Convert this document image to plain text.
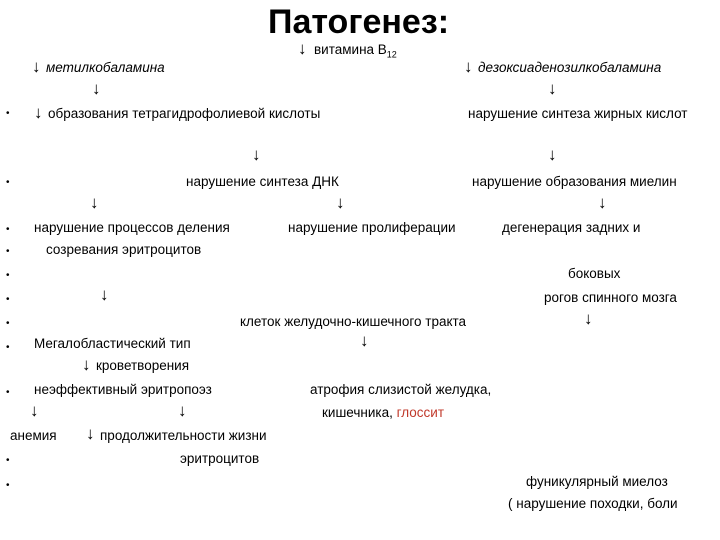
Патогенез:
↓ витамина $В_{12}$
↓ метилкобаламина	↓ дезоксиаденозилкобаламина
↓	↓
• ↓ образования тетрагидрофолиевой кислоты	нарушение синтеза жирных кислот
↓	↓
•	нарушение синтеза ДНК	нарушение образования миелин
↓	↓	↓
• нарушение процессов деления	нарушение пролиферации	дегенерация задних и
•	созревания эритроцитов
•	боковых
•	↓	рогов спинного мозга
•	клеток желудочно-кишечного тракта	↓
• Мегалобластический тип	↓
↓ кроветворения
• неэффективный эритропоэз	атрофия слизистой желудка,
↓	↓	кишечника, глоссит
анемия ↓ продолжительности жизни
•	эритроцитов
•	фуникулярный миелоз
( нарушение походки, боли
